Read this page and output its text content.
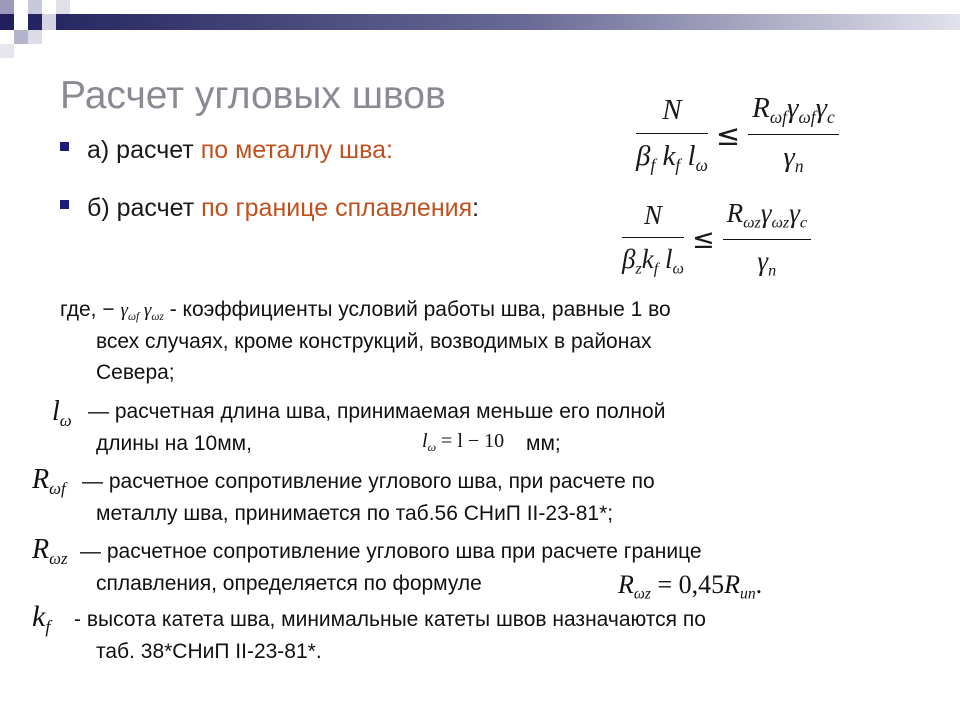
Расчет угловых швов
а) расчет по металлу шва:
б) расчет по границе сплавления:
$\frac{N}{\beta_f k_f l_\omega} \le \frac{R_{\omega f}\gamma_{\omega f}\gamma_c}{\gamma_n}$
$\frac{N}{\beta_zk_f l_\omega} \le \frac{R_{\omega z}\gamma_{\omega z}\gamma_c}{\gamma_n}$
где, − $\gamma_{\omega f}$ $\gamma_{\omega z}$ - коэффициенты условий работы шва, равные 1 во
всех случаях, кроме конструкций, возводимых в районах
Севера;
$l_\omega$ — расчетная длина шва, принимаемая меньше его полной
длины на 10мм,	$l_\omega = l - 10$ мм;
$R_{\omega f}$ — расчетное сопротивление углового шва, при расчете по
металлу шва, принимается по таб.56 СНиП II-23-81*;
$R_{\omega z}$ — расчетное сопротивление углового шва при расчете границе
сплавления, определяется по формуле	$R_{\omega z} = 0,45R_{un}$.
$k_f$ - высота катета шва, минимальные катеты швов назначаются по
таб. 38*СНиП II-23-81*.
